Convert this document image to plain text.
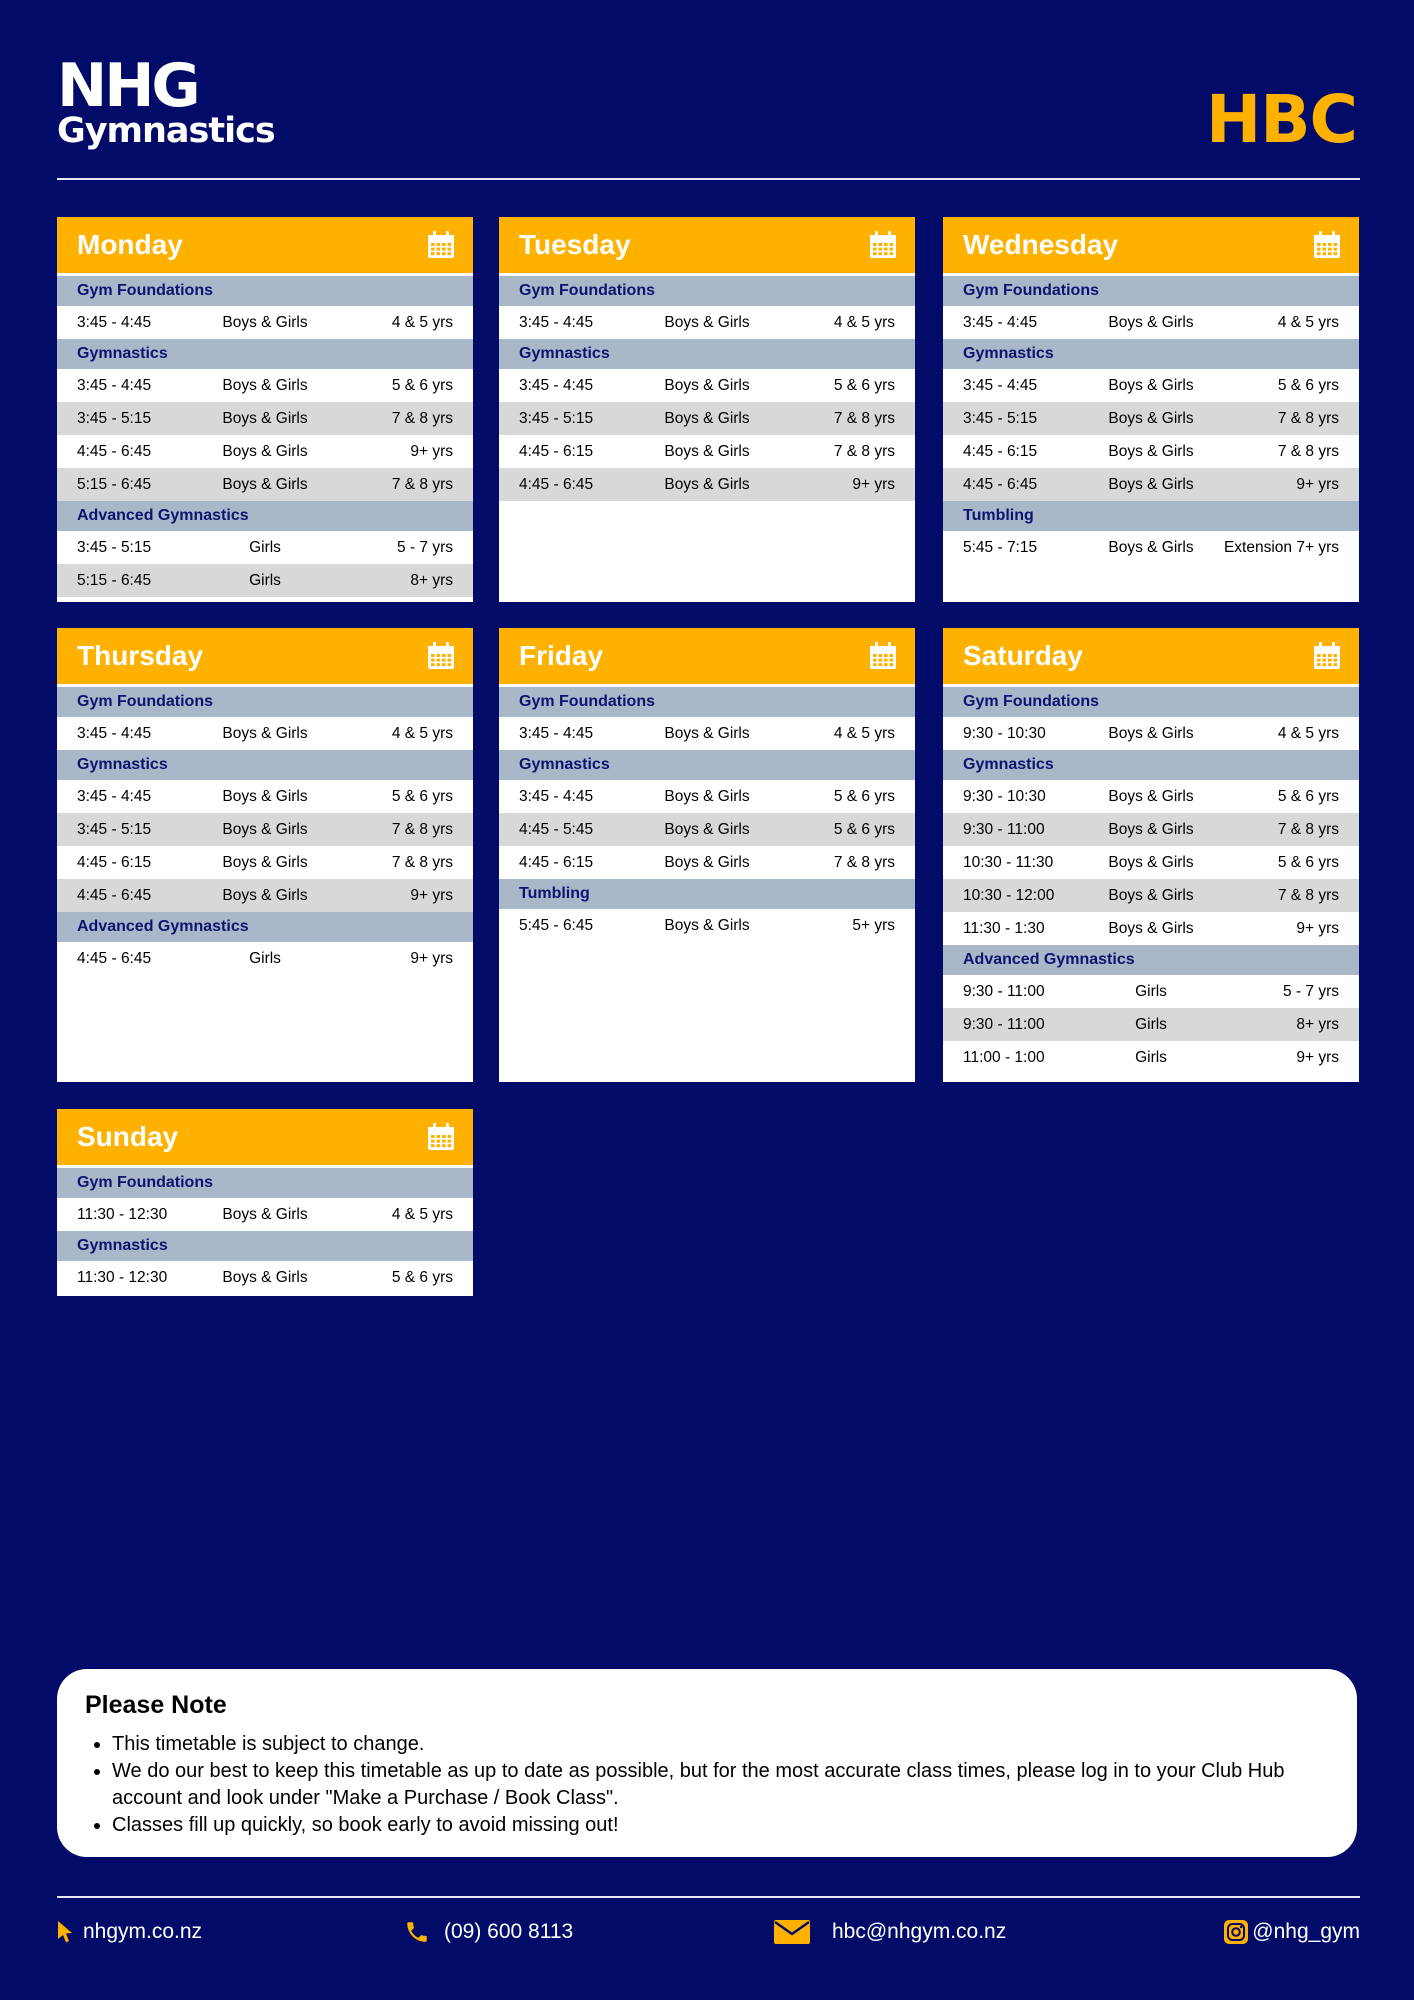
NHG
Gymnastics	HBC
Monday
Gym Foundations
3:45 - 4:45	Boys & Girls	4 & 5 yrs
Gymnastics
3:45 - 4:45	Boys & Girls	5 & 6 yrs
3:45 - 5:15	Boys & Girls	7 & 8 yrs
4:45 - 6:45	Boys & Girls	9+ yrs
5:15 - 6:45	Boys & Girls	7 & 8 yrs
Advanced Gymnastics
3:45 - 5:15	Girls	5 - 7 yrs
5:15 - 6:45	Girls	8+ yrs
Tuesday
Gym Foundations
3:45 - 4:45	Boys & Girls	4 & 5 yrs
Gymnastics
3:45 - 4:45	Boys & Girls	5 & 6 yrs
3:45 - 5:15	Boys & Girls	7 & 8 yrs
4:45 - 6:15	Boys & Girls	7 & 8 yrs
4:45 - 6:45	Boys & Girls	9+ yrs
Wednesday
Gym Foundations
3:45 - 4:45	Boys & Girls	4 & 5 yrs
Gymnastics
3:45 - 4:45	Boys & Girls	5 & 6 yrs
3:45 - 5:15	Boys & Girls	7 & 8 yrs
4:45 - 6:15	Boys & Girls	7 & 8 yrs
4:45 - 6:45	Boys & Girls	9+ yrs
Tumbling
5:45 - 7:15	Boys & Girls	Extension 7+ yrs
Thursday
Gym Foundations
3:45 - 4:45	Boys & Girls	4 & 5 yrs
Gymnastics
3:45 - 4:45	Boys & Girls	5 & 6 yrs
3:45 - 5:15	Boys & Girls	7 & 8 yrs
4:45 - 6:15	Boys & Girls	7 & 8 yrs
4:45 - 6:45	Boys & Girls	9+ yrs
Advanced Gymnastics
4:45 - 6:45	Girls	9+ yrs
Friday
Gym Foundations
3:45 - 4:45	Boys & Girls	4 & 5 yrs
Gymnastics
3:45 - 4:45	Boys & Girls	5 & 6 yrs
4:45 - 5:45	Boys & Girls	5 & 6 yrs
4:45 - 6:15	Boys & Girls	7 & 8 yrs
Tumbling
5:45 - 6:45	Boys & Girls	5+ yrs
Saturday
Gym Foundations
9:30 - 10:30	Boys & Girls	4 & 5 yrs
Gymnastics
9:30 - 10:30	Boys & Girls	5 & 6 yrs
9:30 - 11:00	Boys & Girls	7 & 8 yrs
10:30 - 11:30	Boys & Girls	5 & 6 yrs
10:30 - 12:00	Boys & Girls	7 & 8 yrs
11:30 - 1:30	Boys & Girls	9+ yrs
Advanced Gymnastics
9:30 - 11:00	Girls	5 - 7 yrs
9:30 - 11:00	Girls	8+ yrs
11:00 - 1:00	Girls	9+ yrs
Sunday
Gym Foundations
11:30 - 12:30	Boys & Girls	4 & 5 yrs
Gymnastics
11:30 - 12:30	Boys & Girls	5 & 6 yrs
Please Note
• This timetable is subject to change.
• We do our best to keep this timetable as up to date as possible, but for the most accurate class times, please log in to your Club Hub account and look under "Make a Purchase / Book Class".
• Classes fill up quickly, so book early to avoid missing out!
nhgym.co.nz	(09) 600 8113	hbc@nhgym.co.nz	@nhg_gym
